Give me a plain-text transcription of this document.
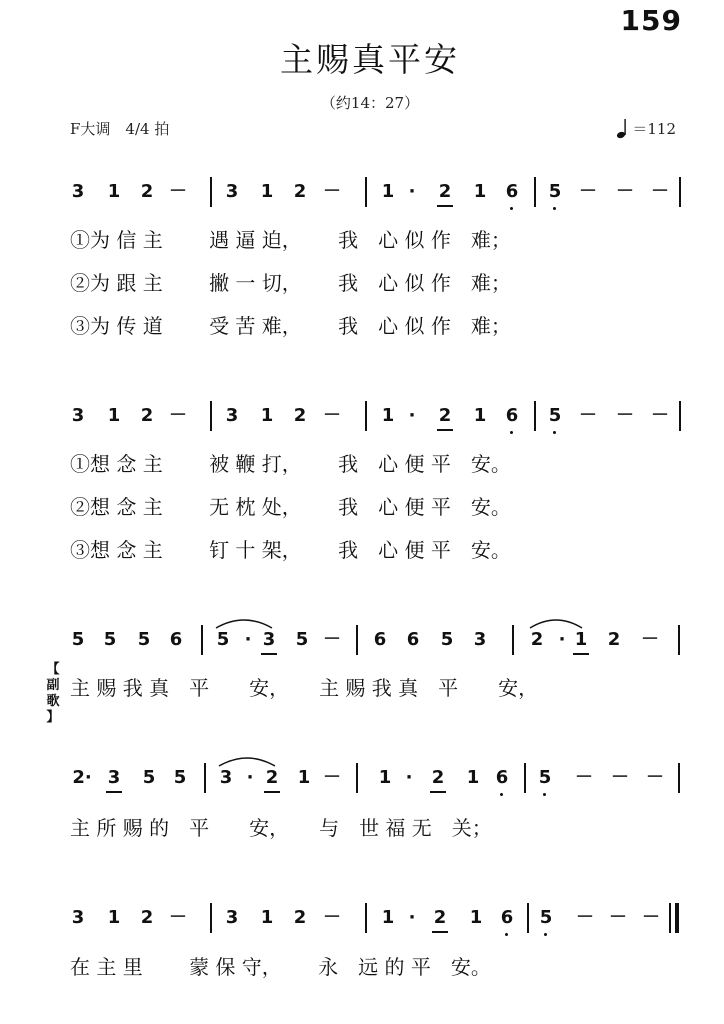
159
主赐真平安
（约14：27）
F大调　4/4 拍	＝112
3 1 2 － 3 1 2 － 1 ·	2 1 6 5 － － －
①为 信 主　　 遇 逼 迫，　　 我　心 似 作　难；
②为 跟 主　　 撇 一 切，　　 我　心 似 作　难；
③为 传 道　　 受 苦 难，　　 我　心 似 作　难；
3 1 2 － 3 1 2 － 1 ·	2 1 6 5 － － －
①想 念 主　　 被 鞭 打，　　 我　心 便 平　安。
②想 念 主　　 无 枕 处，　　 我　心 便 平　安。
③想 念 主　　 钉 十 架，　　 我　心 便 平　安。
5 5 5 6 5 · 3 5 － 6 6 5 3 2 · 1 2 －
【
副
歌
】
主 赐 我 真　平　　安，　　主 赐 我 真　平　　安，
2· 3 5 5 3 · 2 1 － 1 ·	2 1 6 5 － － －
主 所 赐 的　平　　安，　　与　世 福 无　关；
3 1 2 － 3 1 2 － 1 ·	2 1 6 5 － － －
在 主 里　　 蒙 保 守，　　 永　远 的 平　安。
